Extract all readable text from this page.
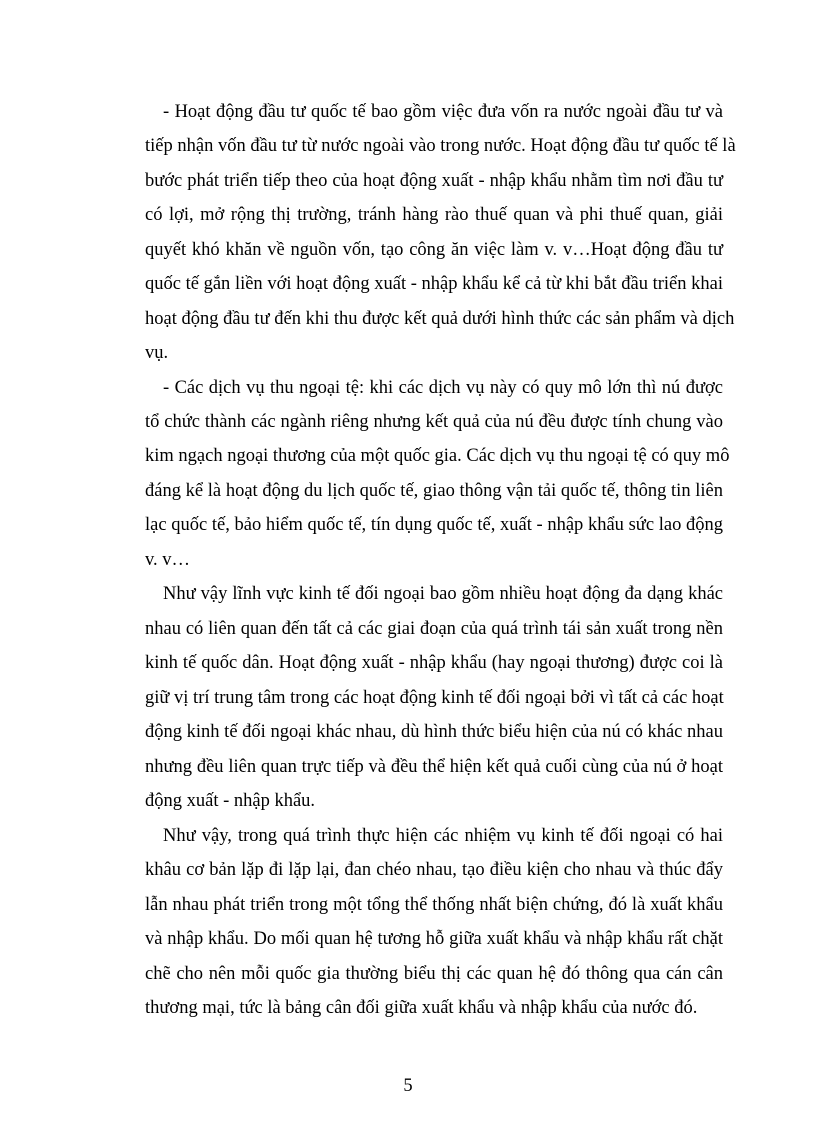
- Hoạt động đầu tư quốc tế bao gồm việc đưa vốn ra nước ngoài đầu tư và
tiếp nhận vốn đầu tư từ nước ngoài vào trong nước. Hoạt động đầu tư quốc tế là
bước phát triển tiếp theo của hoạt động xuất - nhập khẩu nhằm tìm nơi đầu tư
có lợi, mở rộng thị trường, tránh hàng rào thuế quan và phi thuế quan, giải
quyết khó khăn về nguồn vốn, tạo công ăn việc làm v. v…Hoạt động đầu tư
quốc tế gắn liền với hoạt động xuất - nhập khẩu kể cả từ khi bắt đầu triển khai
hoạt động đầu tư đến khi thu được kết quả dưới hình thức các sản phẩm và dịch
vụ.
- Các dịch vụ thu ngoại tệ: khi các dịch vụ này có quy mô lớn thì nú được
tổ chức thành các ngành riêng nhưng kết quả của nú đều được tính chung vào
kim ngạch ngoại thương của một quốc gia. Các dịch vụ thu ngoại tệ có quy mô
đáng kể là hoạt động du lịch quốc tế, giao thông vận tải quốc tế, thông tin liên
lạc quốc tế, bảo hiểm quốc tế, tín dụng quốc tế, xuất - nhập khẩu sức lao động
v. v…
Như vậy lĩnh vực kinh tế đối ngoại bao gồm nhiều hoạt động đa dạng khác
nhau có liên quan đến tất cả các giai đoạn của quá trình tái sản xuất trong nền
kinh tế quốc dân. Hoạt động xuất - nhập khẩu (hay ngoại thương) được coi là
giữ vị trí trung tâm trong các hoạt động kinh tế đối ngoại bởi vì tất cả các hoạt
động kinh tế đối ngoại khác nhau, dù hình thức biểu hiện của nú có khác nhau
nhưng đều liên quan trực tiếp và đều thể hiện kết quả cuối cùng của nú ở hoạt
động xuất - nhập khẩu.
Như vậy, trong quá trình thực hiện các nhiệm vụ kinh tế đối ngoại có hai
khâu cơ bản lặp đi lặp lại, đan chéo nhau, tạo điều kiện cho nhau và thúc đẩy
lẫn nhau phát triển trong một tổng thể thống nhất biện chứng, đó là xuất khẩu
và nhập khẩu. Do mối quan hệ tương hỗ giữa xuất khẩu và nhập khẩu rất chặt
chẽ cho nên mỗi quốc gia thường biểu thị các quan hệ đó thông qua cán cân
thương mại, tức là bảng cân đối giữa xuất khẩu và nhập khẩu của nước đó.
5
